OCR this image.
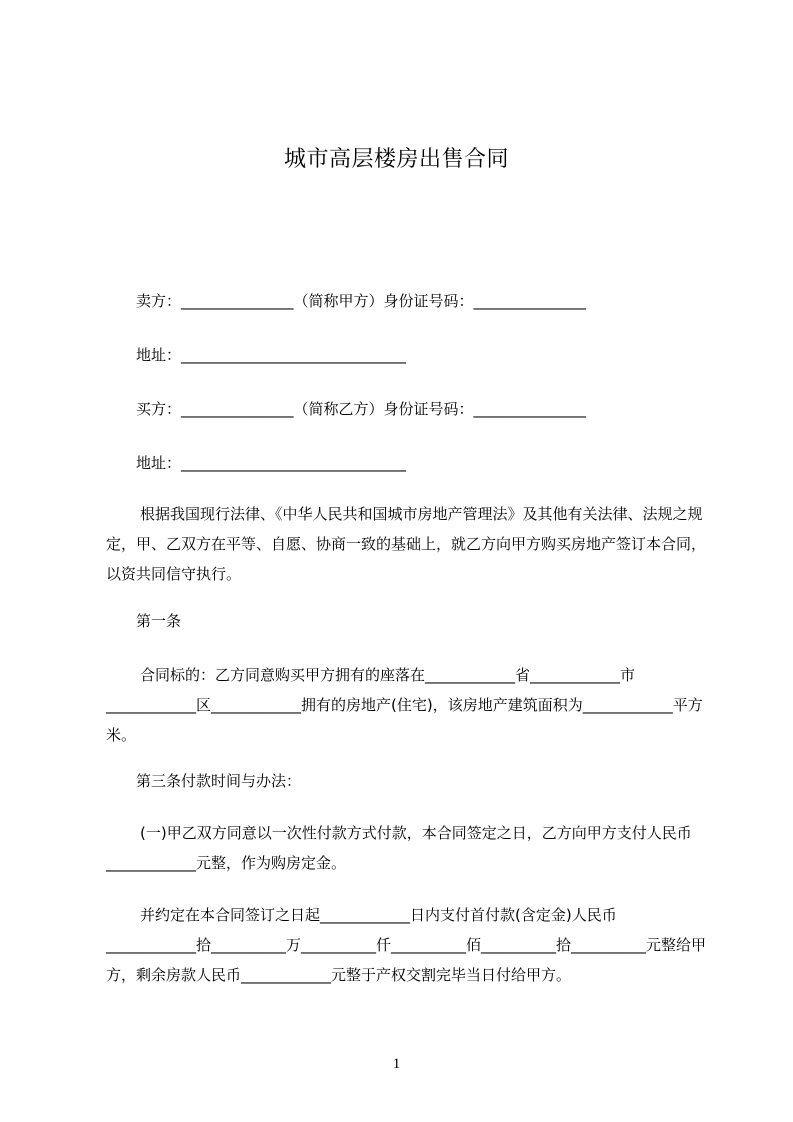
城市高层楼房出售合同
卖方：_______________（简称甲方）身份证号码：_______________
地址：______________________________
买方：_______________（简称乙方）身份证号码：_______________
地址：______________________________
根据我国现行法律、《中华人民共和国城市房地产管理法》及其他有关法律、法规之规定，甲、乙双方在平等、自愿、协商一致的基础上，就乙方向甲方购买房地产签订本合同，以资共同信守执行。
第一条
合同标的：乙方同意购买甲方拥有的座落在____________省____________市____________区____________拥有的房地产(住宅)，该房地产建筑面积为____________平方米。
第三条付款时间与办法：
(一)甲乙双方同意以一次性付款方式付款，本合同签定之日，乙方向甲方支付人民币____________元整，作为购房定金。
并约定在本合同签订之日起____________日内支付首付款(含定金)人民币____________拾__________万__________仟__________佰__________拾__________元整给甲方，剩余房款人民币____________元整于产权交割完毕当日付给甲方。
1
